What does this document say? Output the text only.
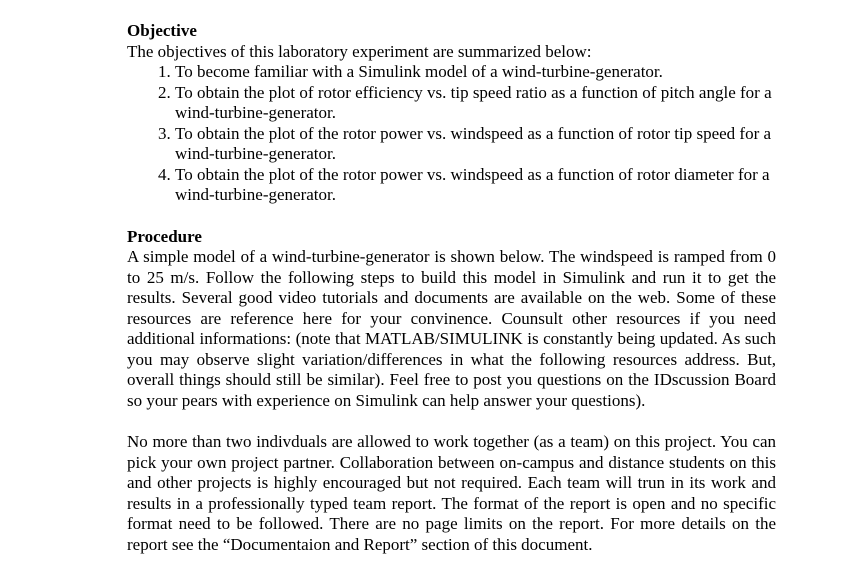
Objective

The objectives of this laboratory experiment are summarized below:

1. To become familiar with a Simulink model of a wind-turbine-generator.
2. To obtain the plot of rotor efficiency vs. tip speed ratio as a function of pitch angle for a wind-turbine-generator.
3. To obtain the plot of the rotor power vs. windspeed as a function of rotor tip speed for a wind-turbine-generator.
4. To obtain the plot of the rotor power vs. windspeed as a function of rotor diameter for a wind-turbine-generator.
Procedure

A simple model of a wind-turbine-generator is shown below. The windspeed is ramped from 0 to 25 m/s. Follow the following steps to build this model in Simulink and run it to get the results. Several good video tutorials and documents are available on the web. Some of these resources are reference here for your convinence. Counsult other resources if you need additional informations: (note that MATLAB/SIMULINK is constantly being updated. As such you may observe slight variation/differences in what the following resources address. But, overall things should still be similar). Feel free to post you questions on the IDscussion Board so your pears with experience on Simulink can help answer your questions).

No more than two indivduals are allowed to work together (as a team) on this project. You can pick your own project partner. Collaboration between on-campus and distance students on this and other projects is highly encouraged but not required. Each team will trun in its work and results in a professionally typed team report. The format of the report is open and no specific format need to be followed. There are no page limits on the report. For more details on the report see the “Documentaion and Report” section of this document.
